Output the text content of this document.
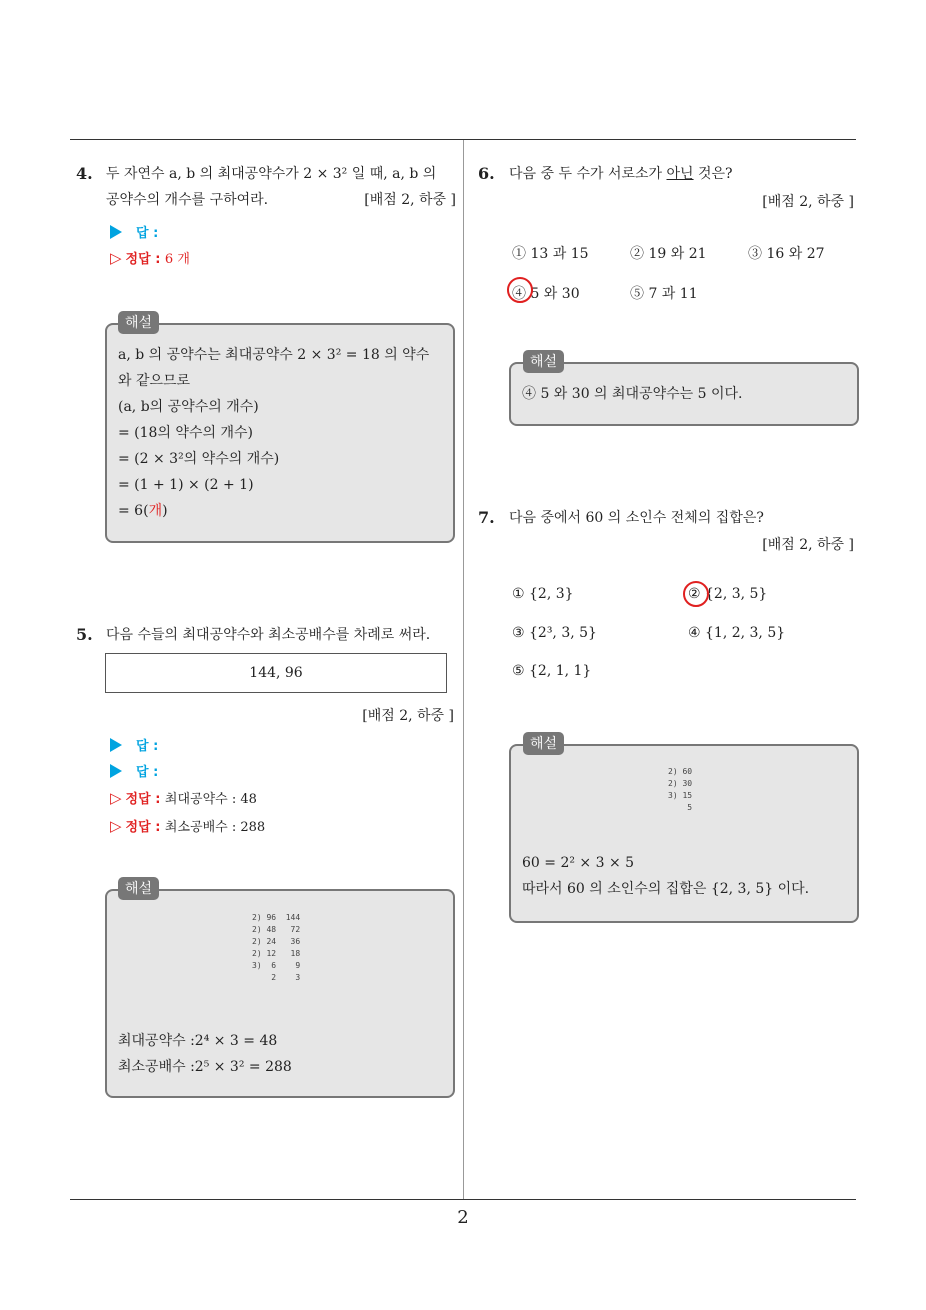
2
4. 두 자연수 a, b 의 최대공약수가 2 × 3² 일 때, a, b 의
공약수의 개수를 구하여라.	[배점 2, 하중 ]
답 :
▷ 정답 : 6 개
해설
a, b 의 공약수는 최대공약수 2 × 3² = 18 의 약수
와 같으므로
(a, b의 공약수의 개수)
= (18의 약수의 개수)
= (2 × 3²의 약수의 개수)
= (1 + 1) × (2 + 1)
= 6(개)
5. 다음 수들의 최대공약수와 최소공배수를 차례로 써라.
144, 96
[배점 2, 하중 ]
답 :
답 :
▷ 정답 : 최대공약수 : 48
▷ 정답 : 최소공배수 : 288
해설
2) 96  144
2) 48   72
2) 24   36
2) 12   18
3)  6    9
2    3
최대공약수 :2⁴ × 3 = 48
최소공배수 :2⁵ × 3² = 288
6. 다음 중 두 수가 서로소가 아닌 것은?
[배점 2, 하중 ]
① 13 과 15	② 19 와 21	③ 16 와 27
④ 5 와 30	⑤ 7 과 11
해설
④ 5 와 30 의 최대공약수는 5 이다.
7. 다음 중에서 60 의 소인수 전체의 집합은?
[배점 2, 하중 ]
① {2, 3}	② {2, 3, 5}
③ {2³, 3, 5}	④ {1, 2, 3, 5}
⑤ {2, 1, 1}
해설
2) 60
2) 30
3) 15
5
60 = 2² × 3 × 5
따라서 60 의 소인수의 집합은 {2, 3, 5} 이다.
